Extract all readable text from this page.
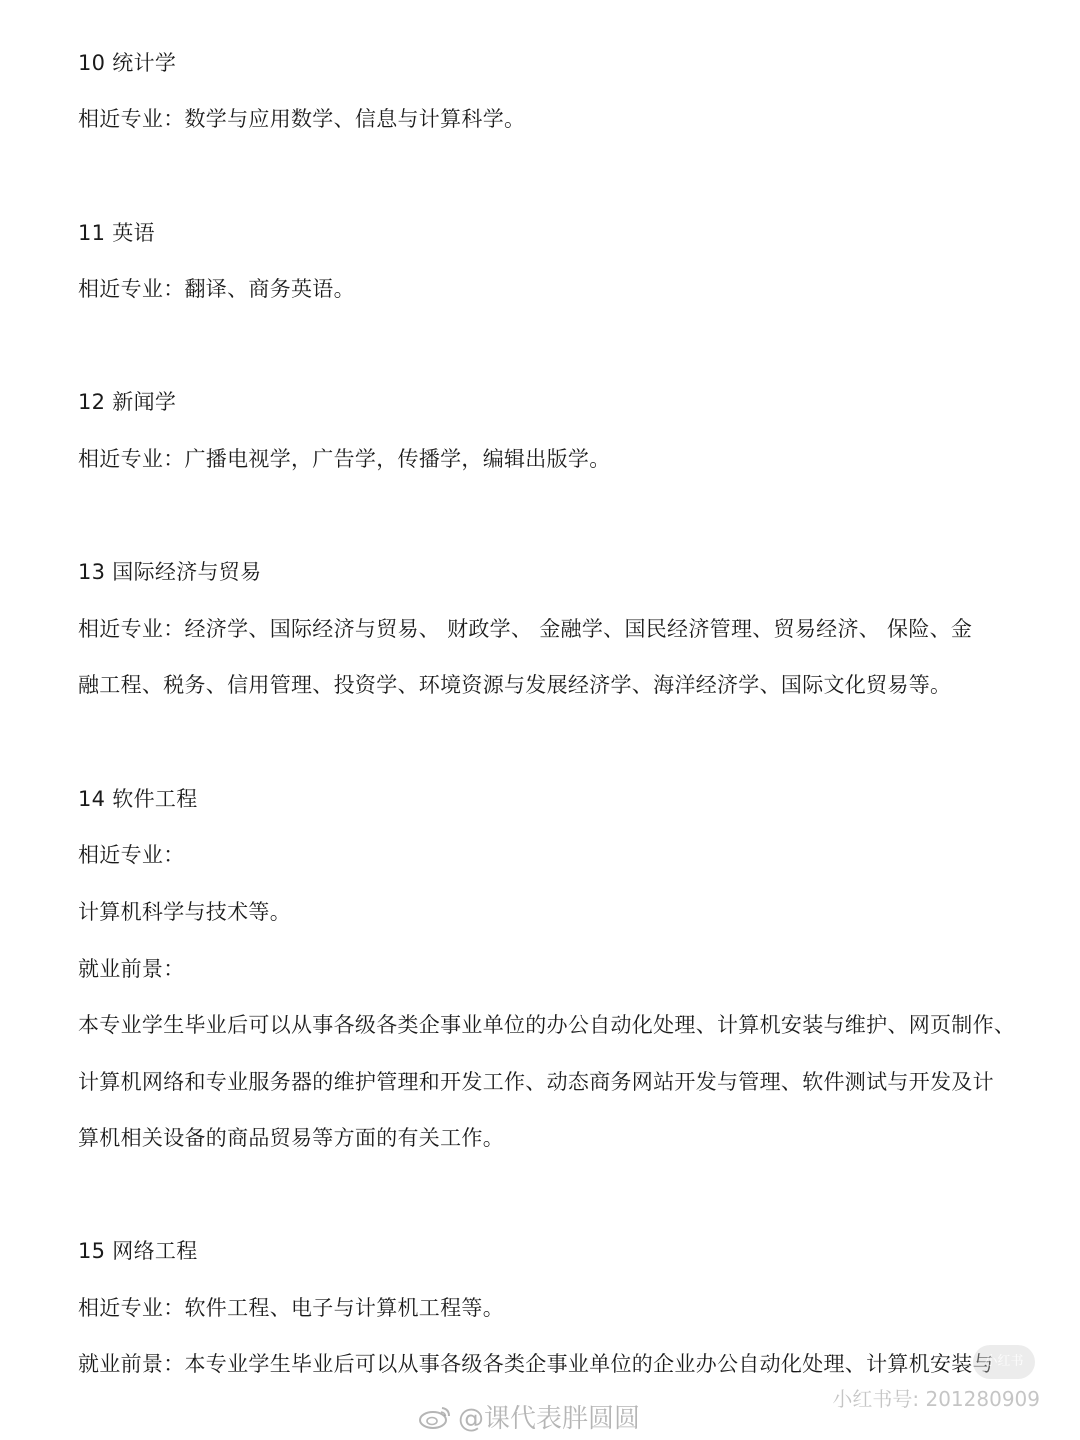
10 统计学
相近专业：数学与应用数学、信息与计算科学。
11 英语
相近专业：翻译、商务英语。
12 新闻学
相近专业：广播电视学，广告学，传播学，编辑出版学。
13 国际经济与贸易
相近专业：经济学、国际经济与贸易、 财政学、 金融学、国民经济管理、贸易经济、 保险、金
融工程、税务、信用管理、投资学、环境资源与发展经济学、海洋经济学、国际文化贸易等。
14 软件工程
相近专业：
计算机科学与技术等。
就业前景：
本专业学生毕业后可以从事各级各类企事业单位的办公自动化处理、计算机安装与维护、网页制作、
计算机网络和专业服务器的维护管理和开发工作、动态商务网站开发与管理、软件测试与开发及计
算机相关设备的商品贸易等方面的有关工作。
15 网络工程
相近专业：软件工程、电子与计算机工程等。
就业前景：本专业学生毕业后可以从事各级各类企事业单位的企业办公自动化处理、计算机安装与
小红书
小红书号: 201280909
@课代表胖圆圆
